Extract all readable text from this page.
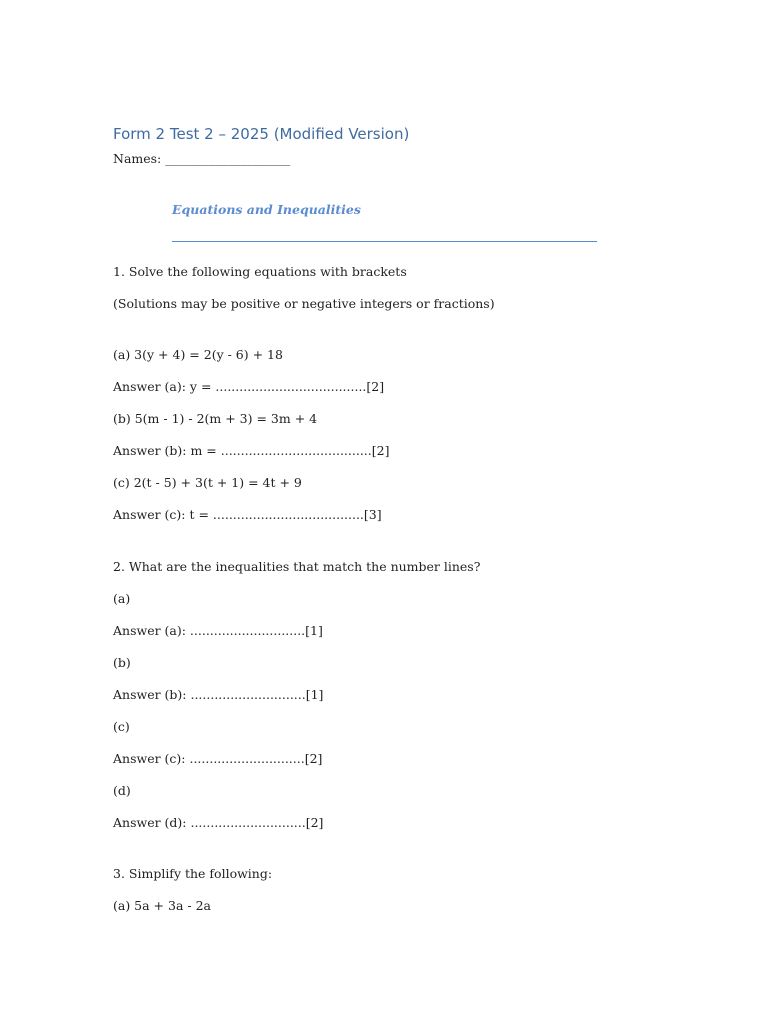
Form 2 Test 2 – 2025 (Modified Version)
Names: ____________________
Equations and Inequalities
1. Solve the following equations with brackets
(Solutions may be positive or negative integers or fractions)
(a) 3(y + 4) = 2(y - 6) + 18
Answer (a): y = ......................................[2]
(b) 5(m - 1) - 2(m + 3) = 3m + 4
Answer (b): m = ......................................[2]
(c) 2(t - 5) + 3(t + 1) = 4t + 9
Answer (c): t = ......................................[3]
2. What are the inequalities that match the number lines?
(a)
Answer (a): .............................[1]
(b)
Answer (b): .............................[1]
(c)
Answer (c): .............................[2]
(d)
Answer (d): .............................[2]
3. Simplify the following:
(a) 5a + 3a - 2a
